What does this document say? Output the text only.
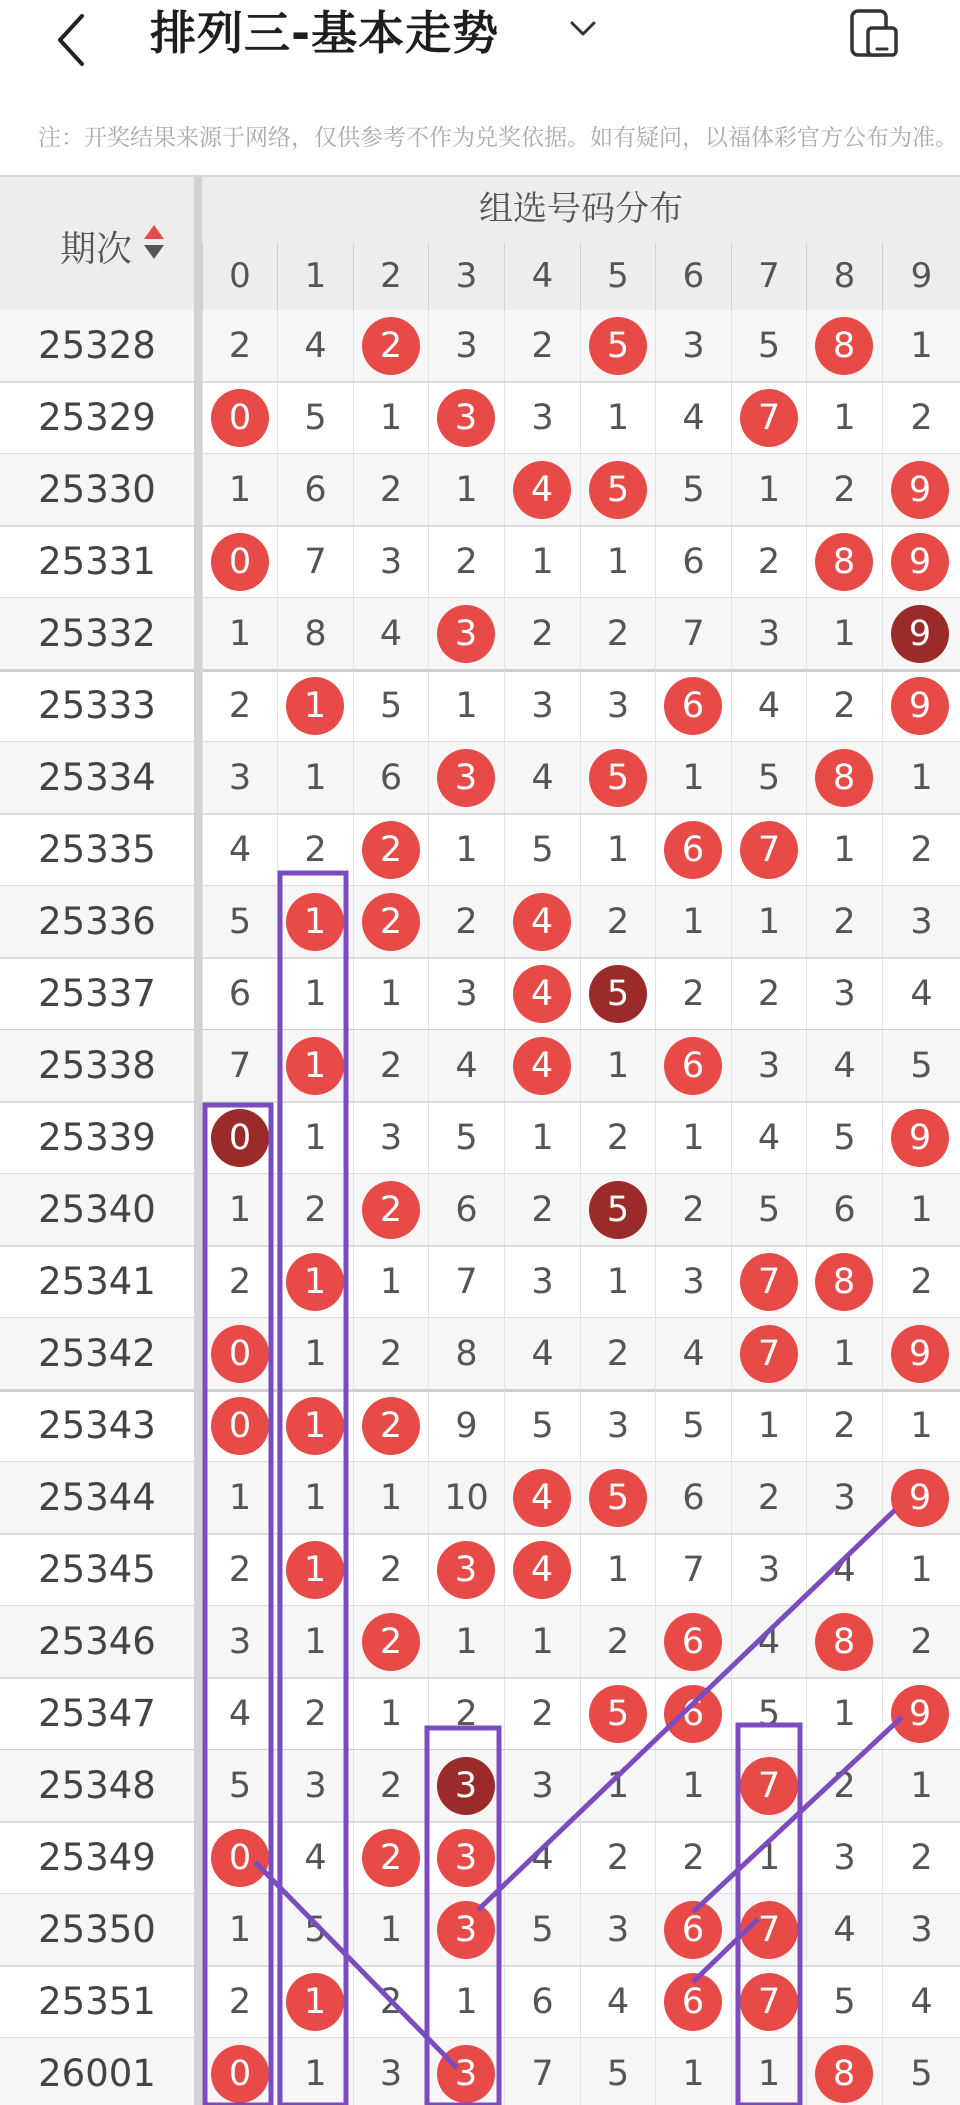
排列三-基本走势
注：开奖结果来源于网络，仅供参考不作为兑奖依据。如有疑问，以福体彩官方公布为准。
期次
组选号码分布
0	1	2	3	4	5	6	7	8	9
25328	2	4	2	3	2	5	3	5	8	1
25329	0	5	1	3	3	1	4	7	1	2
25330	1	6	2	1	4	5	5	1	2	9
25331	0	7	3	2	1	1	6	2	8	9
25332	1	8	4	3	2	2	7	3	1	9
25333	2	1	5	1	3	3	6	4	2	9
25334	3	1	6	3	4	5	1	5	8	1
25335	4	2	2	1	5	1	6	7	1	2
25336	5	1	2	2	4	2	1	1	2	3
25337	6	1	1	3	4	5	2	2	3	4
25338	7	1	2	4	4	1	6	3	4	5
25339	0	1	3	5	1	2	1	4	5	9
25340	1	2	2	6	2	5	2	5	6	1
25341	2	1	1	7	3	1	3	7	8	2
25342	0	1	2	8	4	2	4	7	1	9
25343	0	1	2	9	5	3	5	1	2	1
25344	1	1	1	10	4	5	6	2	3	9
25345	2	1	2	3	4	1	7	3	4	1
25346	3	1	2	1	1	2	6	4	8	2
25347	4	2	1	2	2	5	6	5	1	9
25348	5	3	2	3	3	1	1	7	2	1
25349	0	4	2	3	4	2	2	1	3	2
25350	1	5	1	3	5	3	6	7	4	3
25351	2	1	2	1	6	4	6	7	5	4
26001	0	1	3	3	7	5	1	1	8	5
